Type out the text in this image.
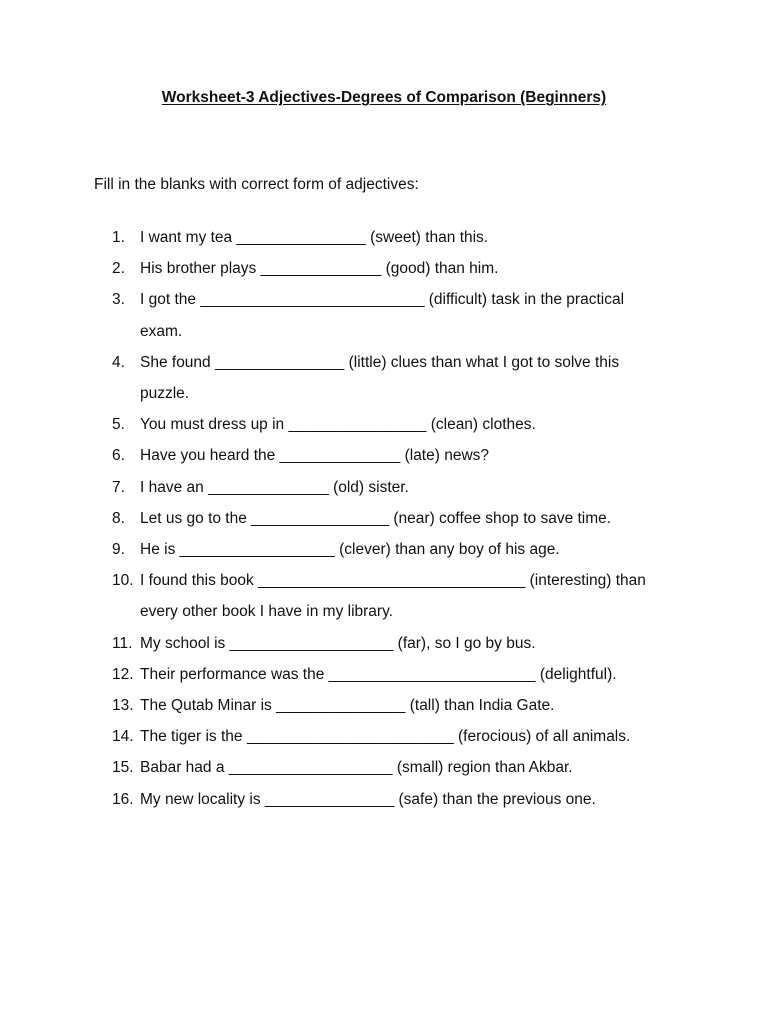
Worksheet-3 Adjectives-Degrees of Comparison (Beginners)
Fill in the blanks with correct form of adjectives:
1. I want my tea _______________ (sweet) than this.
2. His brother plays ______________ (good) than him.
3. I got the __________________________ (difficult) task in the practical exam.
4. She found _______________ (little) clues than what I got to solve this puzzle.
5. You must dress up in ________________ (clean) clothes.
6. Have you heard the ______________ (late) news?
7. I have an ______________ (old) sister.
8. Let us go to the ________________ (near) coffee shop to save time.
9. He is __________________ (clever) than any boy of his age.
10. I found this book _______________________________ (interesting) than every other book I have in my library.
11. My school is ___________________ (far), so I go by bus.
12. Their performance was the ________________________ (delightful).
13. The Qutab Minar is _______________ (tall) than India Gate.
14. The tiger is the ________________________ (ferocious) of all animals.
15. Babar had a ___________________ (small) region than Akbar.
16. My new locality is _______________ (safe) than the previous one.
